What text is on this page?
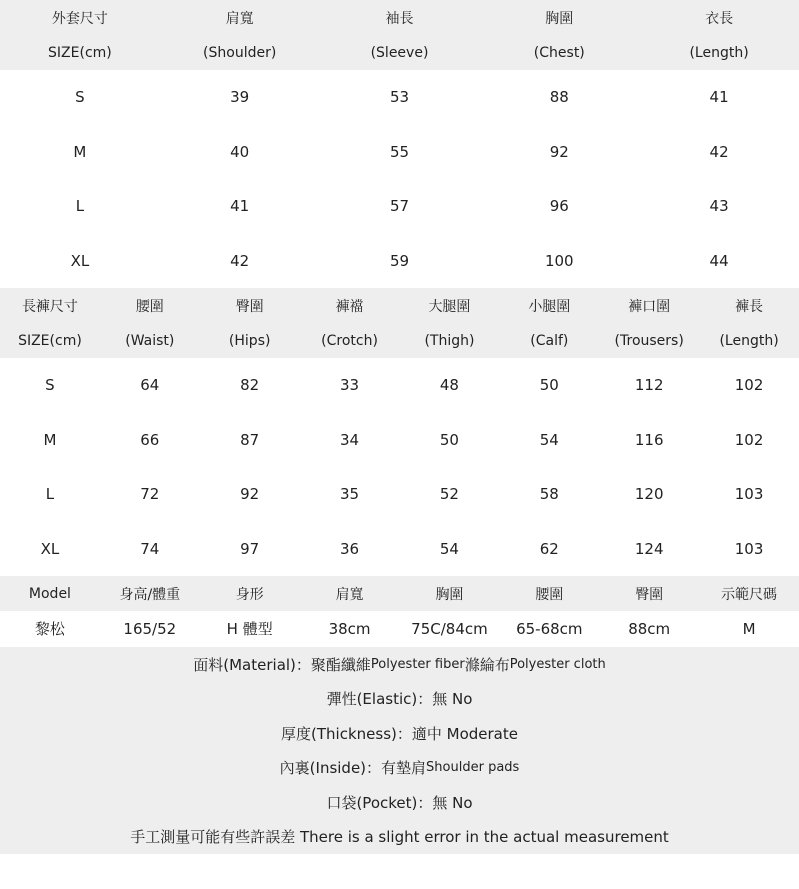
外套尺寸	肩寬	袖長	胸圍	衣長
SIZE(cm)	(Shoulder)	(Sleeve)	(Chest)	(Length)
S	39	53	88	41
M	40	55	92	42
L	41	57	96	43
XL	42	59	100	44
長褲尺寸	腰圍	臀圍	褲襠	大腿圍	小腿圍	褲口圍	褲長
SIZE(cm)	(Waist)	(Hips)	(Crotch)	(Thigh)	(Calf)	(Trousers)	(Length)
S	64	82	33	48	50	112	102
M	66	87	34	50	54	116	102
L	72	92	35	52	58	120	103
XL	74	97	36	54	62	124	103
Model	身高/體重	身形	肩寬	胸圍	腰圍	臀圍	示範尺碼
黎松	165/52	H 體型	38cm	75C/84cm	65-68cm	88cm	M
面料(Material)：聚酯纖維 Polyester fiber 滌綸布 Polyester cloth
彈性(Elastic)：無 No
厚度(Thickness)：適中 Moderate
內裏(Inside)：有墊肩 Shoulder pads
口袋(Pocket)：無 No
手工測量可能有些許誤差 There is a slight error in the actual measurement
